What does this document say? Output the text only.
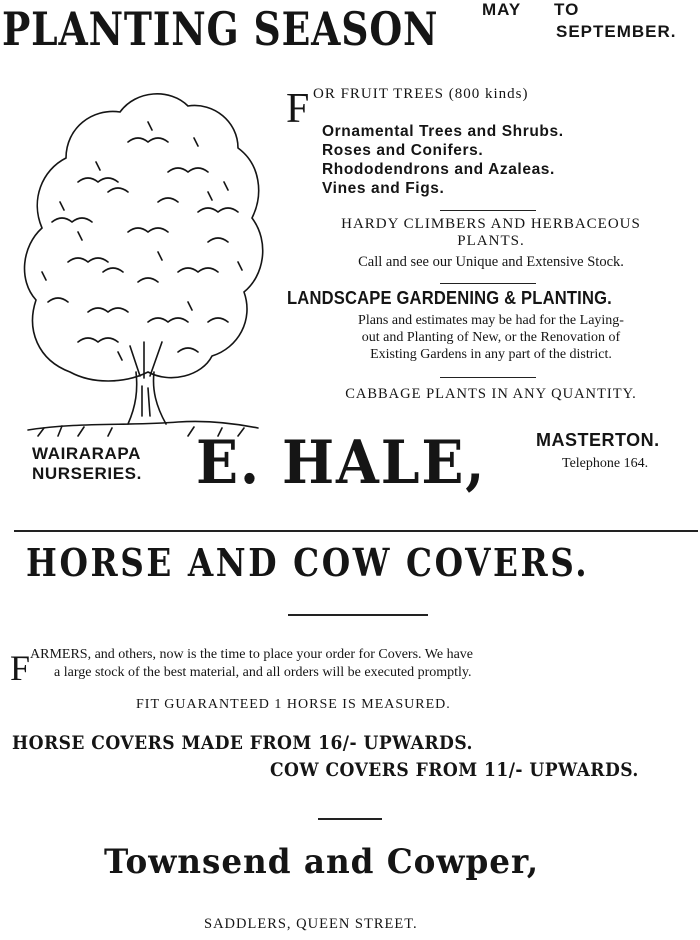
PLANTING SEASON	MAY TO
SEPTEMBER.
F OR FRUIT TREES (800 kinds)
Ornamental Trees and Shrubs.
Roses and Conifers.
Rhododendrons and Azaleas.
Vines and Figs.
HARDY CLIMBERS AND HERBACEOUS
PLANTS.
Call and see our Unique and Extensive Stock.
LANDSCAPE GARDENING & PLANTING.
Plans and estimates may be had for the Laying-
out and Planting of New, or the Renovation of
Existing Gardens in any part of the district.
CABBAGE PLANTS IN ANY QUANTITY.
WAIRARAPA
NURSERIES. E. HALE,	MASTERTON.
Telephone 164.
HORSE AND COW COVERS.
F ARMERS, and others, now is the time to place your order for Covers. We have
a large stock of the best material, and all orders will be executed promptly.
FIT GUARANTEED 1 HORSE IS MEASURED.
HORSE COVERS MADE FROM 16/- UPWARDS.
COW COVERS FROM 11/- UPWARDS.
Townsend and Cowper,
SADDLERS, QUEEN STREET.
